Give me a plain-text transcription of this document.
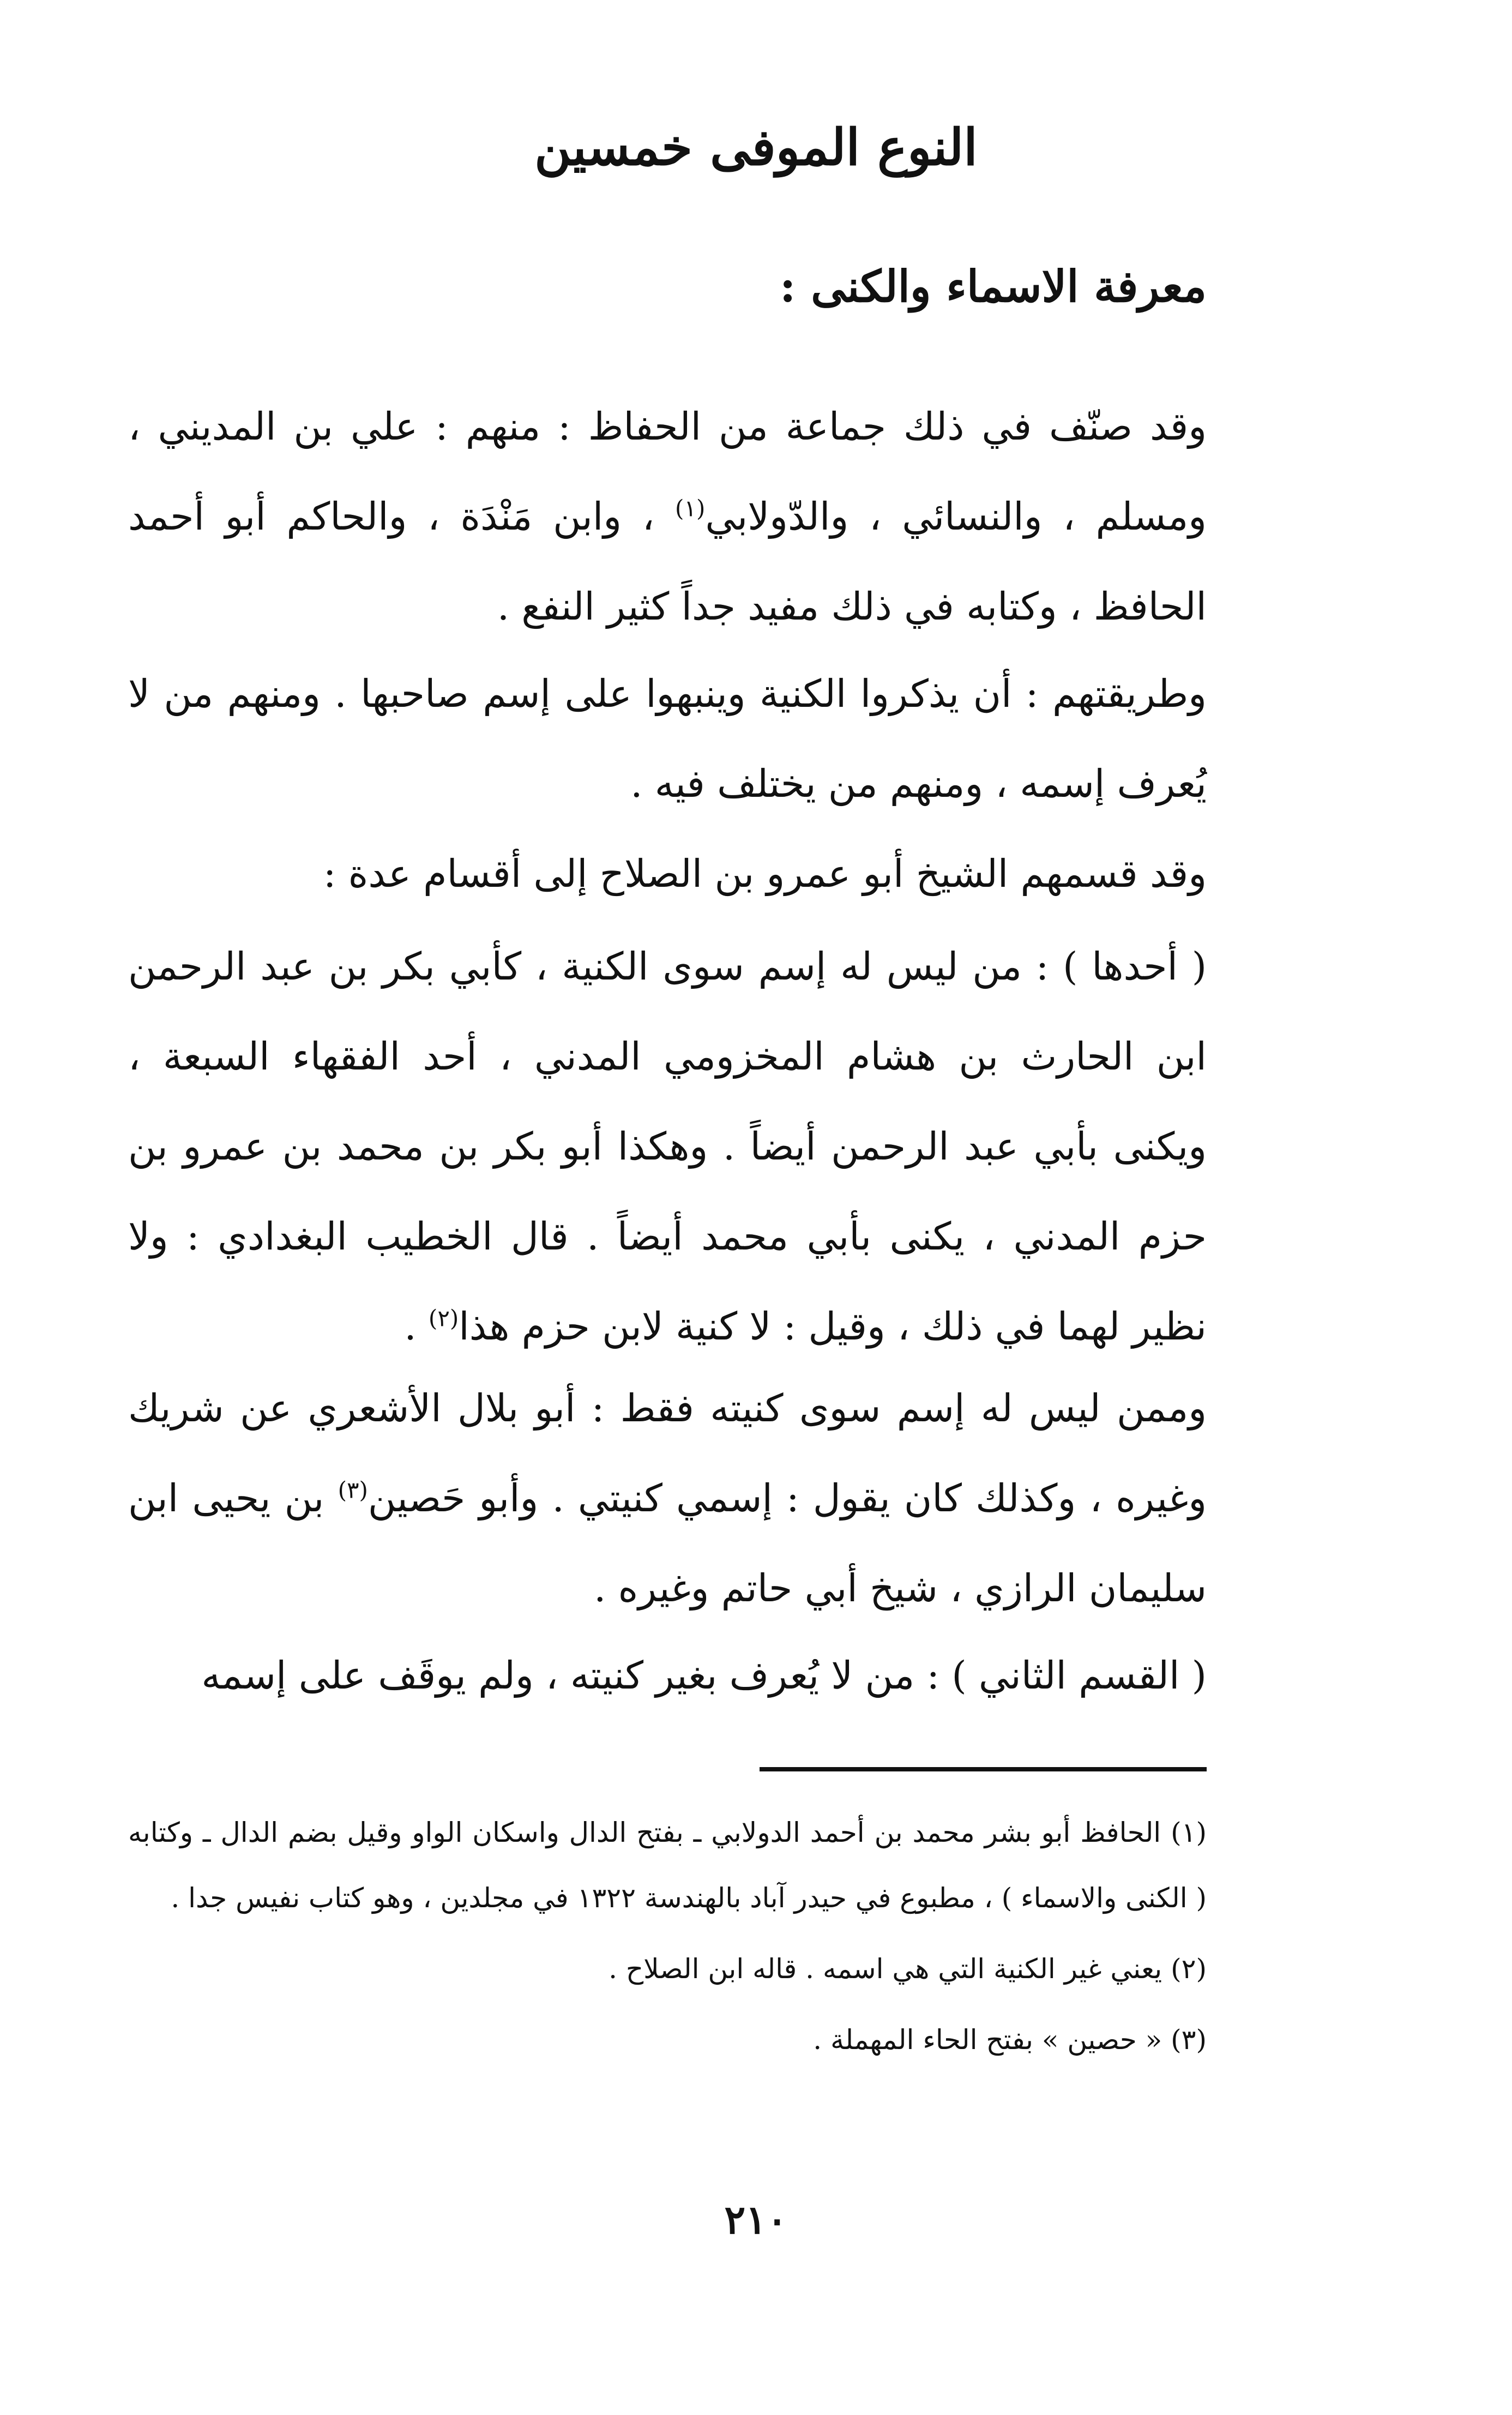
النوع الموفى خمسين
معرفة الاسماء والكنى :

وقد صنّف في ذلك جماعة من الحفاظ : منهم : علي بن المديني ، ومسلم ، والنسائي ، والدّولابي$^{(١)}$ ، وابن مَنْدَة ، والحاكم أبو أحمد الحافظ ، وكتابه في ذلك مفيد جداً كثير النفع .

وطريقتهم : أن يذكروا الكنية وينبهوا على إسم صاحبها . ومنهم من لا يُعرف إسمه ، ومنهم من يختلف فيه .

وقد قسمهم الشيخ أبو عمرو بن الصلاح إلى أقسام عدة :

( أحدها ) : من ليس له إسم سوى الكنية ، كأبي بكر بن عبد الرحمن ابن الحارث بن هشام المخزومي المدني ، أحد الفقهاء السبعة ، ويكنى بأبي عبد الرحمن أيضاً . وهكذا أبو بكر بن محمد بن عمرو بن حزم المدني ، يكنى بأبي محمد أيضاً . قال الخطيب البغدادي : ولا نظير لهما في ذلك ، وقيل : لا كنية لابن حزم هذا$^{(٢)}$ .

وممن ليس له إسم سوى كنيته فقط : أبو بلال الأشعري عن شريك وغيره ، وكذلك كان يقول : إسمي كنيتي . وأبو حَصين$^{(٣)}$ بن يحيى ابن سليمان الرازي ، شيخ أبي حاتم وغيره .

( القسم الثاني ) : من لا يُعرف بغير كنيته ، ولم يوقَف على إسمه

(١) الحافظ أبو بشر محمد بن أحمد الدولابي ـ بفتح الدال واسكان الواو وقيل بضم الدال ـ وكتابه ( الكنى والاسماء ) ، مطبوع في حيدر آباد بالهندسة ١٣٢٢ في مجلدين ، وهو كتاب نفيس جدا .

(٢) يعني غير الكنية التي هي اسمه . قاله ابن الصلاح .

(٣) « حصين » بفتح الحاء المهملة .

٢١٠
